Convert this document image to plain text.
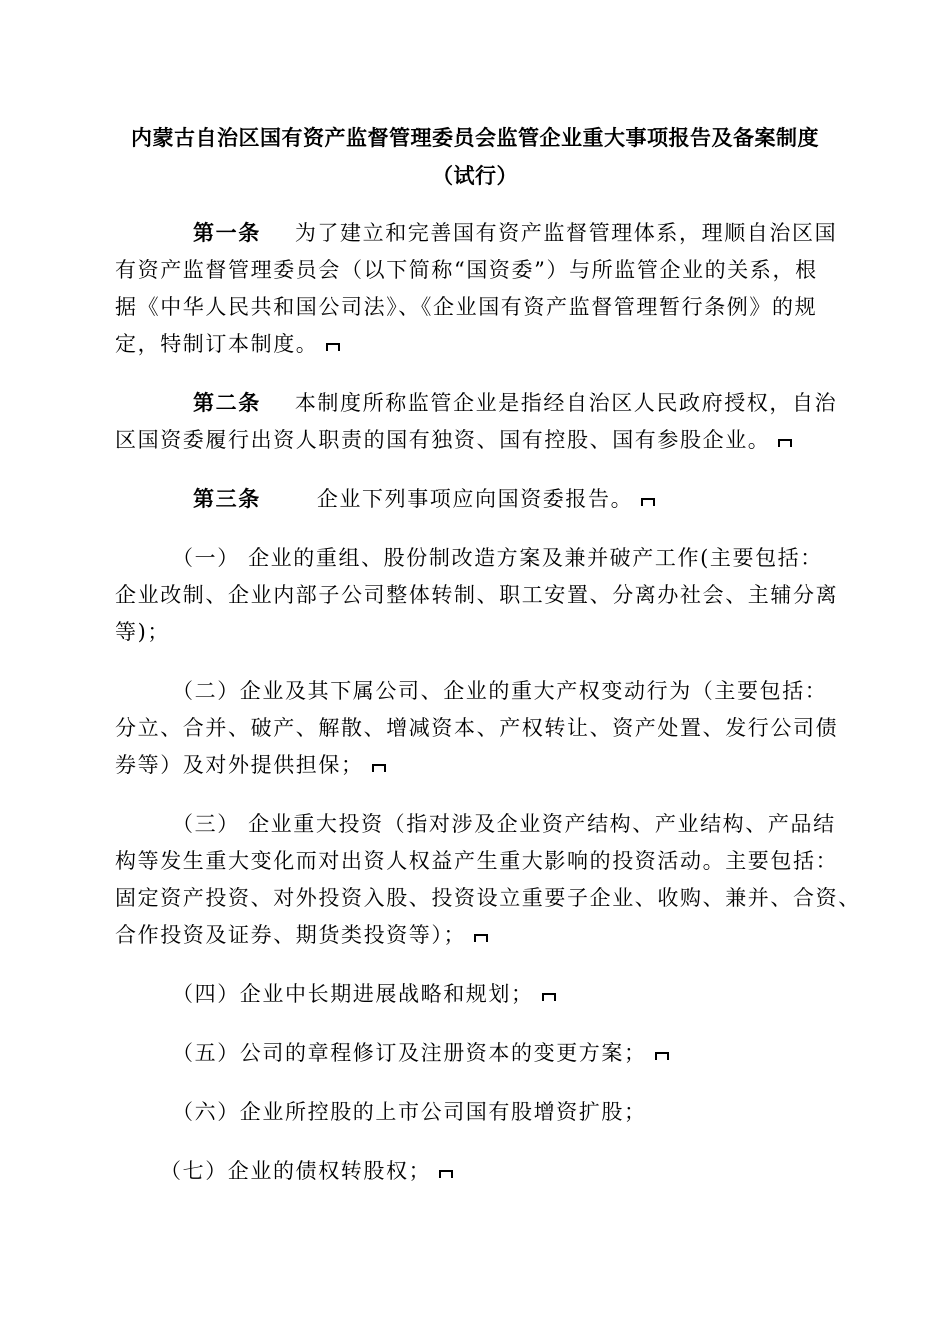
内蒙古自治区国有资产监督管理委员会监管企业重大事项报告及备案制度
（试行）
第一条 为了建立和完善国有资产监督管理体系，理顺自治区国
有资产监督管理委员会（以下简称“国资委”）与所监管企业的关系，根
据《中华人民共和国公司法》、《企业国有资产监督管理暂行条例》的规
定，特制订本制度。
第二条 本制度所称监管企业是指经自治区人民政府授权，自治
区国资委履行出资人职责的国有独资、国有控股、国有参股企业。
第三条	企业下列事项应向国资委报告。
（一） 企业的重组、股份制改造方案及兼并破产工作(主要包括：
企业改制、企业内部子公司整体转制、职工安置、分离办社会、主辅分离
等)；
（二）企业及其下属公司、企业的重大产权变动行为（主要包括：
分立、合并、破产、解散、增减资本、产权转让、资产处置、发行公司债
券等）及对外提供担保；
（三） 企业重大投资（指对涉及企业资产结构、产业结构、产品结
构等发生重大变化而对出资人权益产生重大影响的投资活动。主要包括：
固定资产投资、对外投资入股、投资设立重要子企业、收购、兼并、合资、
合作投资及证券、期货类投资等）；
（四）企业中长期进展战略和规划；
（五）公司的章程修订及注册资本的变更方案；
（六）企业所控股的上市公司国有股增资扩股；
（七）企业的债权转股权；
